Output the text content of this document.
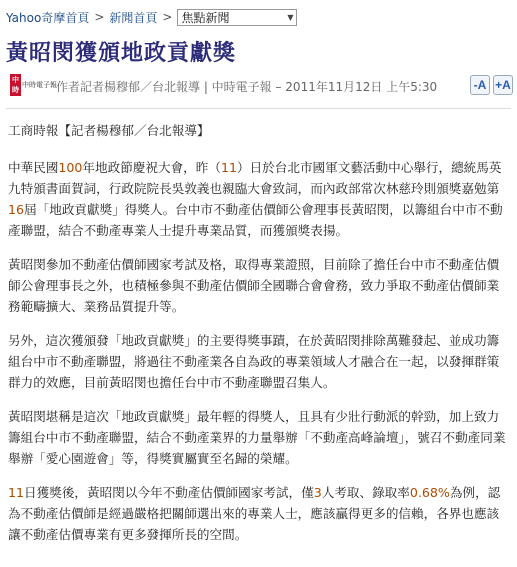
Yahoo奇摩首頁 > 新聞首頁 > 焦點新聞	▼
黃昭閔獲頒地政貢獻獎
中時
中時電子報 作者記者楊穆郁／台北報導 | 中時電子報 – 2011年11月12日 上午5:30	-A +A

工商時報【記者楊穆郁／台北報導】

中華民國100年地政節慶祝大會，昨（11）日於台北市國軍文藝活動中心舉行，總統馬英九特頒書面賀詞，行政院院長吳敦義也親臨大會致詞，而內政部常次林慈玲則頒獎嘉勉第16屆「地政貢獻獎」得獎人。台中市不動產估價師公會理事長黃昭閔，以籌組台中市不動產聯盟，結合不動產專業人士提升專業品質，而獲頒獎表揚。

黃昭閔參加不動產估價師國家考試及格，取得專業證照，目前除了擔任台中市不動產估價師公會理事長之外，也積極參與不動產估價師全國聯合會會務，致力爭取不動產估價師業務範疇擴大、業務品質提升等。

另外，這次獲頒發「地政貢獻獎」的主要得獎事蹟，在於黃昭閔排除萬難發起、並成功籌組台中市不動產聯盟，將過往不動產業各自為政的專業領域人才融合在一起，以發揮群策群力的效應，目前黃昭閔也擔任台中市不動產聯盟召集人。

黃昭閔堪稱是這次「地政貢獻獎」最年輕的得獎人，且具有少壯行動派的幹勁，加上致力籌組台中市不動產聯盟，結合不動產業界的力量舉辦「不動產高峰論壇」，號召不動產同業舉辦「愛心園遊會」等，得獎實屬實至名歸的榮耀。

11日獲獎後，黃昭閔以今年不動產估價師國家考試，僅3人考取、錄取率0.68%為例，認為不動產估價師是經過嚴格把關師選出來的專業人士，應該贏得更多的信賴，各界也應該讓不動產估價專業有更多發揮所長的空間。
